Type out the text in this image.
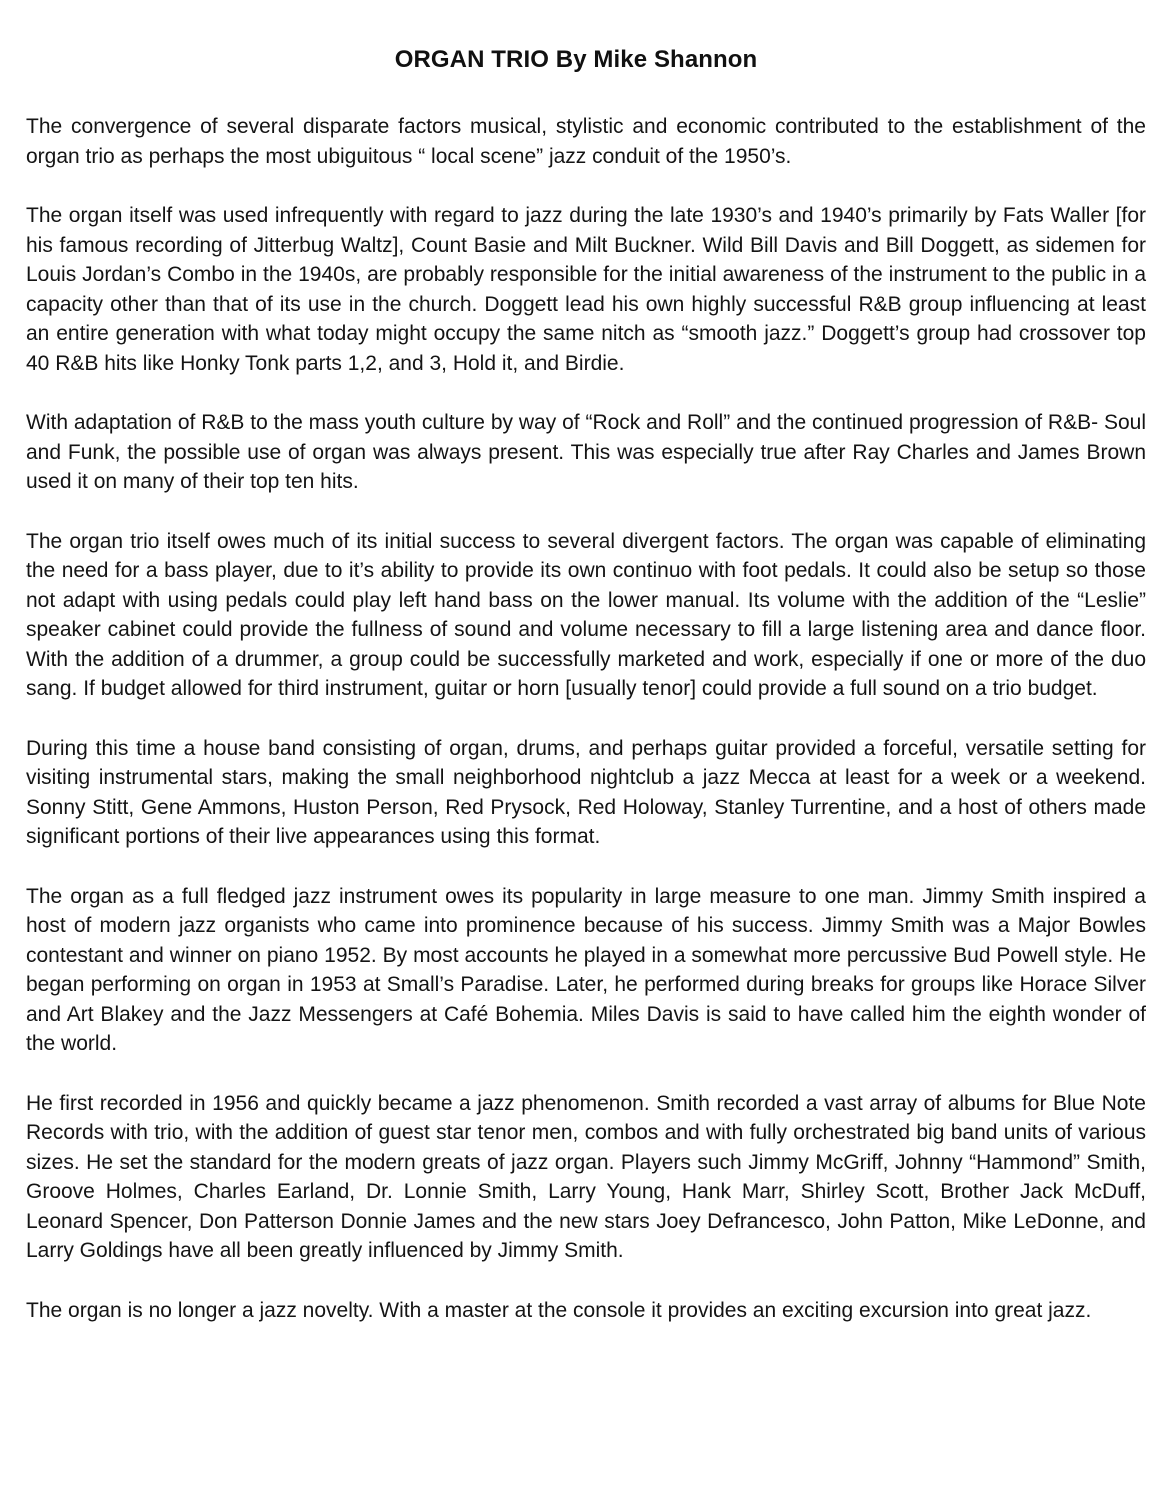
ORGAN TRIO By Mike Shannon

The convergence of several disparate factors musical, stylistic and economic contributed to the establishment of the organ trio as perhaps the most ubiguitous “ local scene” jazz conduit of the 1950’s.

The organ itself was used infrequently with regard to jazz during the late 1930’s and 1940’s primarily by Fats Waller [for his famous recording of Jitterbug Waltz], Count Basie and Milt Buckner. Wild Bill Davis and Bill Doggett, as sidemen for Louis Jordan’s Combo in the 1940s, are probably responsible for the initial awareness of the instrument to the public in a capacity other than that of its use in the church. Doggett lead his own highly successful R&B group influencing at least an entire generation with what today might occupy the same nitch as “smooth jazz.” Doggett’s group had crossover top 40 R&B hits like Honky Tonk parts 1,2, and 3, Hold it, and Birdie.

With adaptation of R&B to the mass youth culture by way of “Rock and Roll” and the continued progression of R&B- Soul and Funk, the possible use of organ was always present. This was especially true after Ray Charles and James Brown used it on many of their top ten hits.

The organ trio itself owes much of its initial success to several divergent factors. The organ was capable of eliminating the need for a bass player, due to it’s ability to provide its own continuo with foot pedals. It could also be setup so those not adapt with using pedals could play left hand bass on the lower manual. Its volume with the addition of the “Leslie” speaker cabinet could provide the fullness of sound and volume necessary to fill a large listening area and dance floor. With the addition of a drummer, a group could be successfully marketed and work, especially if one or more of the duo sang. If budget allowed for third instrument, guitar or horn [usually tenor] could provide a full sound on a trio budget.

During this time a house band consisting of organ, drums, and perhaps guitar provided a forceful, versatile setting for visiting instrumental stars, making the small neighborhood nightclub a jazz Mecca at least for a week or a weekend. Sonny Stitt, Gene Ammons, Huston Person, Red Prysock, Red Holoway, Stanley Turrentine, and a host of others made significant portions of their live appearances using this format.

The organ as a full fledged jazz instrument owes its popularity in large measure to one man. Jimmy Smith inspired a host of modern jazz organists who came into prominence because of his success. Jimmy Smith was a Major Bowles contestant and winner on piano 1952. By most accounts he played in a somewhat more percussive Bud Powell style. He began performing on organ in 1953 at Small’s Paradise. Later, he performed during breaks for groups like Horace Silver and Art Blakey and the Jazz Messengers at Café Bohemia. Miles Davis is said to have called him the eighth wonder of the world.

He first recorded in 1956 and quickly became a jazz phenomenon. Smith recorded a vast array of albums for Blue Note Records with trio, with the addition of guest star tenor men, combos and with fully orchestrated big band units of various sizes. He set the standard for the modern greats of jazz organ. Players such Jimmy McGriff, Johnny “Hammond” Smith, Groove Holmes, Charles Earland, Dr. Lonnie Smith, Larry Young, Hank Marr, Shirley Scott, Brother Jack McDuff, Leonard Spencer, Don Patterson Donnie James and the new stars Joey Defrancesco, John Patton, Mike LeDonne, and Larry Goldings have all been greatly influenced by Jimmy Smith.

The organ is no longer a jazz novelty. With a master at the console it provides an exciting excursion into great jazz.
